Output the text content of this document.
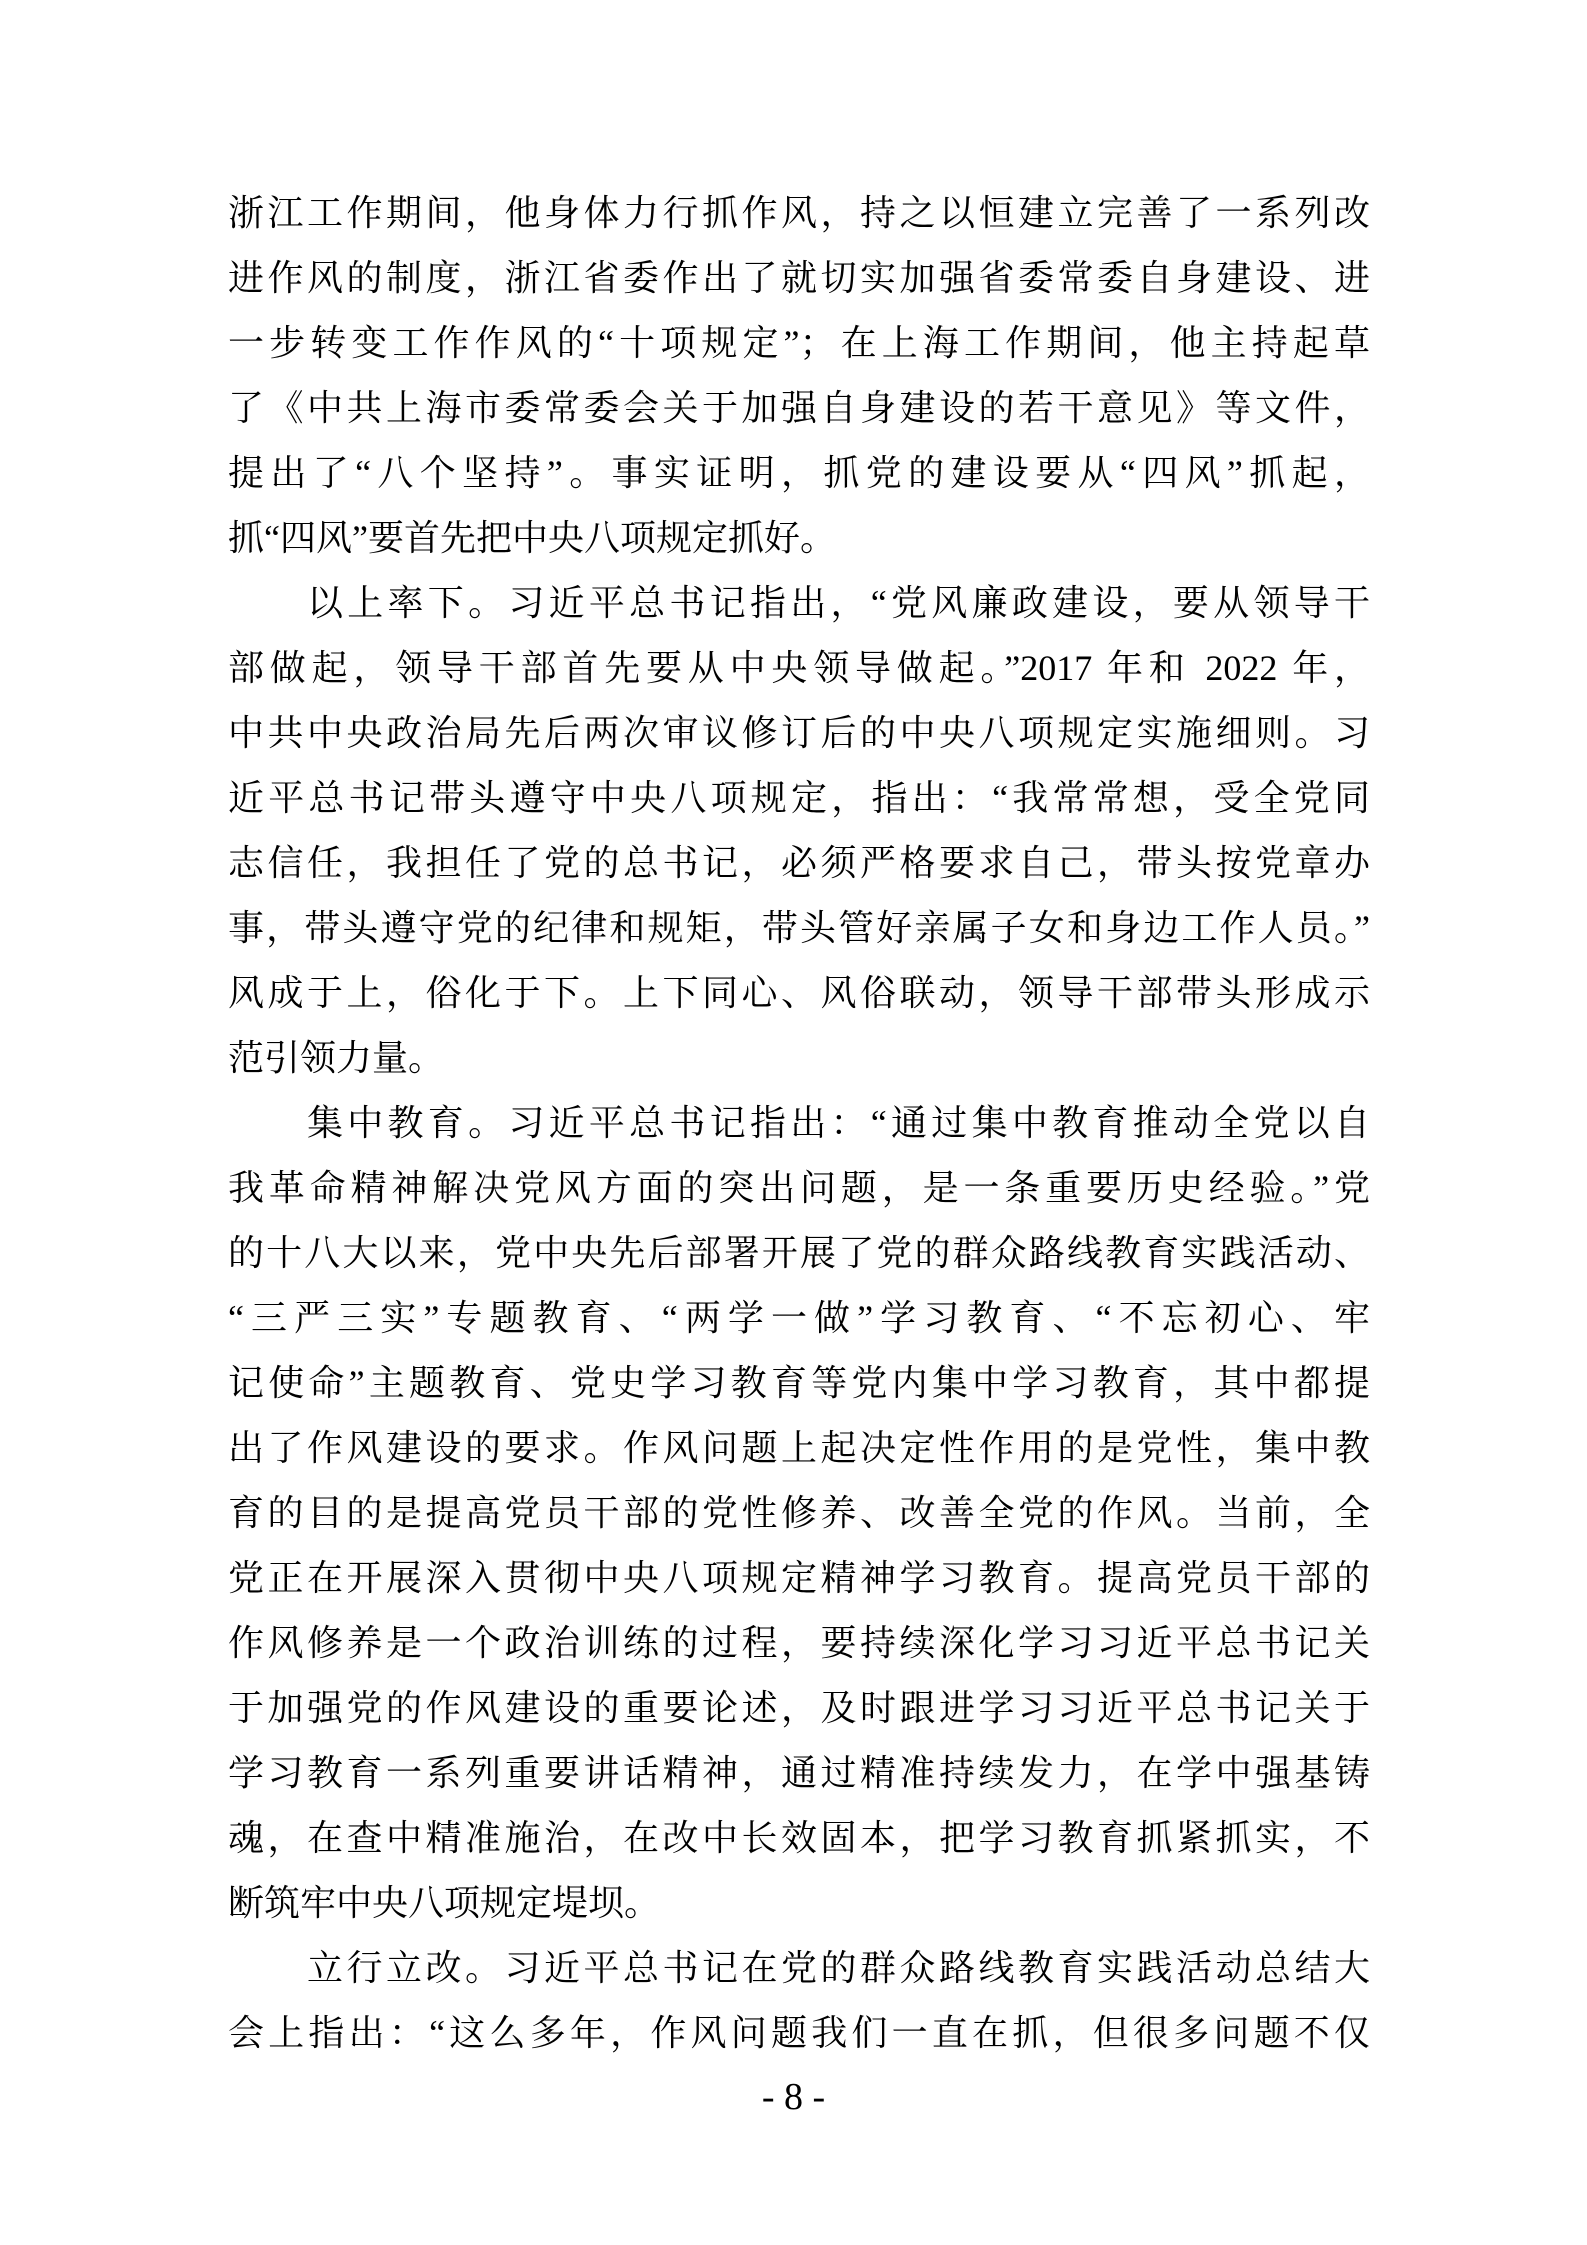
浙江工作期间，他身体力行抓作风，持之以恒建立完善了一系列改
进作风的制度，浙江省委作出了就切实加强省委常委自身建设、进
一步转变工作作风的“十项规定”；在上海工作期间，他主持起草
了《中共上海市委常委会关于加强自身建设的若干意见》等文件，
提出了“八个坚持”。事实证明，抓党的建设要从“四风”抓起，
抓“四风”要首先把中央八项规定抓好。
以上率下。习近平总书记指出，“党风廉政建设，要从领导干
部做起，领导干部首先要从中央领导做起。”2017 年和 2022 年，
中共中央政治局先后两次审议修订后的中央八项规定实施细则。习
近平总书记带头遵守中央八项规定，指出：“我常常想，受全党同
志信任，我担任了党的总书记，必须严格要求自己，带头按党章办
事，带头遵守党的纪律和规矩，带头管好亲属子女和身边工作人员。”
风成于上，俗化于下。上下同心、风俗联动，领导干部带头形成示
范引领力量。
集中教育。习近平总书记指出：“通过集中教育推动全党以自
我革命精神解决党风方面的突出问题，是一条重要历史经验。”党
的十八大以来，党中央先后部署开展了党的群众路线教育实践活动、
“三严三实”专题教育、“两学一做”学习教育、“不忘初心、牢
记使命”主题教育、党史学习教育等党内集中学习教育，其中都提
出了作风建设的要求。作风问题上起决定性作用的是党性，集中教
育的目的是提高党员干部的党性修养、改善全党的作风。当前，全
党正在开展深入贯彻中央八项规定精神学习教育。提高党员干部的
作风修养是一个政治训练的过程，要持续深化学习习近平总书记关
于加强党的作风建设的重要论述，及时跟进学习习近平总书记关于
学习教育一系列重要讲话精神，通过精准持续发力，在学中强基铸
魂，在查中精准施治，在改中长效固本，把学习教育抓紧抓实，不
断筑牢中央八项规定堤坝。
立行立改。习近平总书记在党的群众路线教育实践活动总结大
会上指出：“这么多年，作风问题我们一直在抓，但很多问题不仅
- 8 -
